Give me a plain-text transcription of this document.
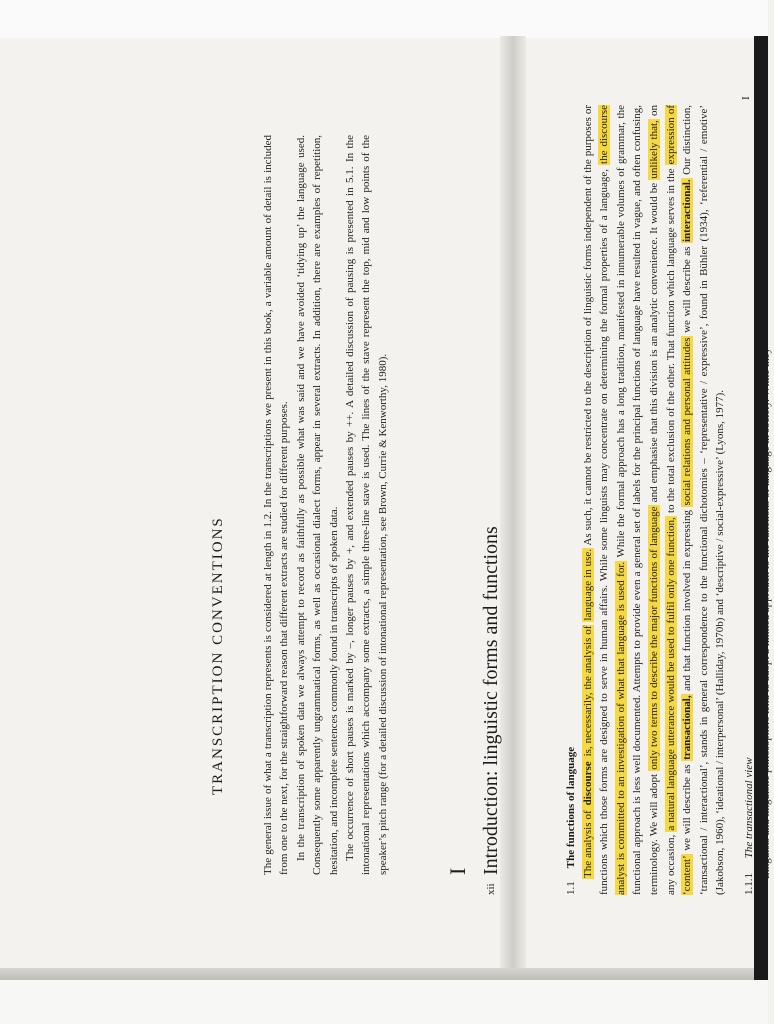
TRANSCRIPTION CONVENTIONS	The general issue of what a transcription represents is considered at length in 1.2. In the transcriptions we present in this book, a variable amount of detail is included from one to the next, for the straightforward reason that different extracts are studied for different purposes. In the transcription of spoken data we always attempt to record as faithfully as possible what was said and we have avoided ‘tidying up’ the language used. Consequently some apparently ungrammatical forms, as well as occasional dialect forms, appear in several extracts. In addition, there are examples of repetition, hesitation, and incomplete sentences commonly found in transcripts of spoken data. The occurrence of short pauses is marked by –, longer pauses by +, and extended pauses by ++. A detailed discussion of pausing is presented in 5.1. In the intonational representations which accompany some extracts, a simple three-line stave is used. The lines of the stave represent the top, mid and low points of the speaker’s pitch range (for a detailed discussion of intonational representation, see Brown, Currie & Kenworthy, 1980).

xii
I Introduction: linguistic forms and functions
1.1 The functions of language The analysis of discourse is, necessarily, the analysis of language in use. As such, it cannot be restricted to the description of linguistic forms independent of the purposes or functions which those forms are designed to serve in human affairs. While some linguists may concentrate on determining the formal properties of a language, the discourse analyst is committed to an investigation of what that language is used for. While the formal approach has a long tradition, manifested in innumerable volumes of grammar, the functional approach is less well documented. Attempts to provide even a general set of labels for the principal functions of language have resulted in vague, and often confusing, terminology. We will adopt only two terms to describe the major functions of language and emphasise that this division is an analytic convenience. It would be unlikely that, on any occasion, a natural language utterance would be used to fulfil only one function, to the total exclusion of the other. That function which language serves in the expression of ‘content’ we will describe as transactional, and that function involved in expressing social relations and personal attitudes we will describe as interactional. Our distinction, ‘transactional / interactional’, stands in general correspondence to the functional dichotomies – ‘representative / expressive’, found in Bühler (1934), ‘referential / emotive’ (Jakobson, 1960), ‘ideational / interpersonal’ (Halliday, 1970b) and ‘descriptive / social-expressive’ (Lyons, 1977). 1.1.1 The transactional view Linguists and linguistic philosophers tend to adopt a limited approach to the functions of language in society. While they

I
